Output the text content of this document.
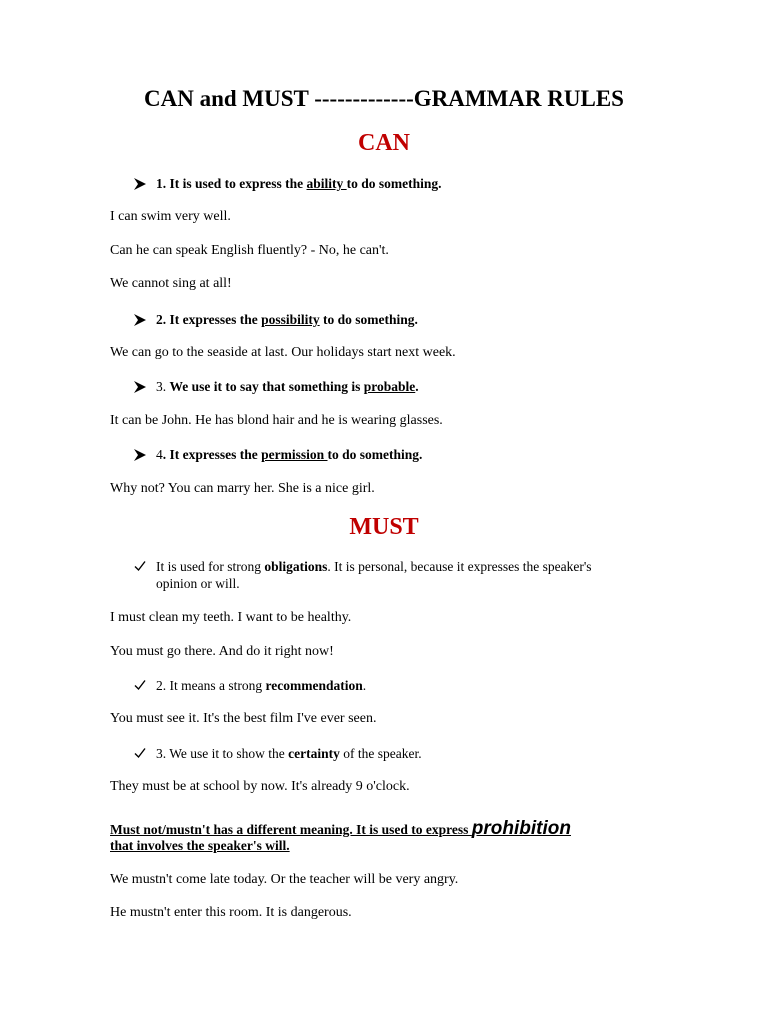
CAN and MUST -------------GRAMMAR RULES
CAN
1. It is used to express the ability to do something.
I can swim very well.
Can he can speak English fluently? - No, he can't.
We cannot sing at all!
2. It expresses the possibility to do something.
We can go to the seaside at last. Our holidays start next week.
3. We use it to say that something is probable.
It can be John. He has blond hair and he is wearing glasses.
4. It expresses the permission to do something.
Why not? You can marry her. She is a nice girl.
MUST
It is used for strong obligations. It is personal, because it expresses the speaker's
opinion or will.
I must clean my teeth. I want to be healthy.
You must go there. And do it right now!
2. It means a strong recommendation.
You must see it. It's the best film I've ever seen.
3. We use it to show the certainty of the speaker.
They must be at school by now. It's already 9 o'clock.
Must not/mustn't has a different meaning. It is used to express prohibition
that involves the speaker's will.
We mustn't come late today. Or the teacher will be very angry.
He mustn't enter this room. It is dangerous.
